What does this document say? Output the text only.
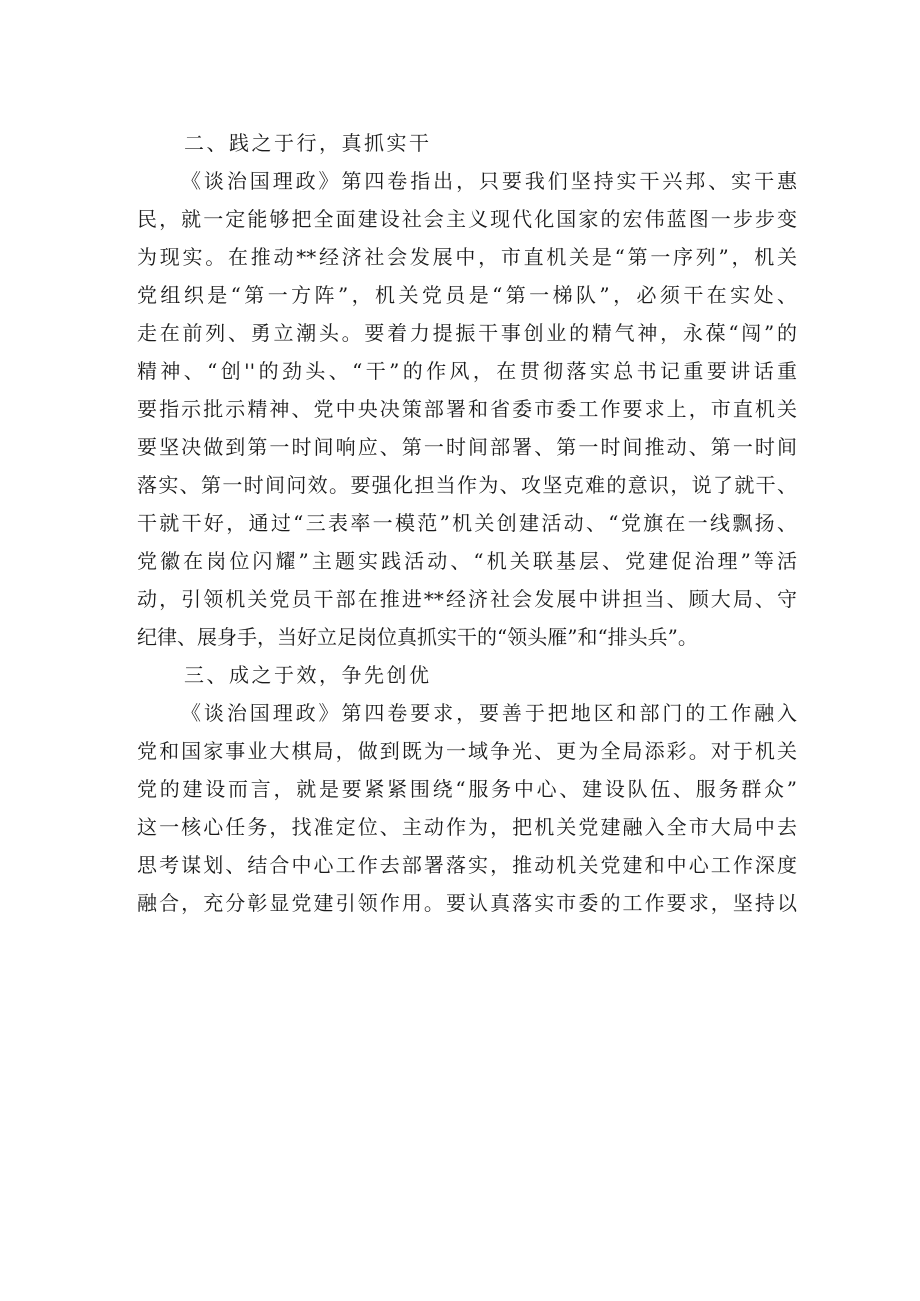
二、践之于行，真抓实干
《谈治国理政》第四卷指出，只要我们坚持实干兴邦、实干惠
民，就一定能够把全面建设社会主义现代化国家的宏伟蓝图一步步变
为现实。在推动**经济社会发展中，市直机关是“第一序列”，机关
党组织是“第一方阵”，机关党员是“第一梯队”，必须干在实处、
走在前列、勇立潮头。要着力提振干事创业的精气神，永葆“闯”的
精神、“创''的劲头、“干”的作风，在贯彻落实总书记重要讲话重
要指示批示精神、党中央决策部署和省委市委工作要求上，市直机关
要坚决做到第一时间响应、第一时间部署、第一时间推动、第一时间
落实、第一时间问效。要强化担当作为、攻坚克难的意识，说了就干、
干就干好，通过“三表率一模范”机关创建活动、“党旗在一线飘扬、
党徽在岗位闪耀”主题实践活动、“机关联基层、党建促治理”等活
动，引领机关党员干部在推进**经济社会发展中讲担当、顾大局、守
纪律、展身手，当好立足岗位真抓实干的“领头雁”和“排头兵”。
三、成之于效，争先创优
《谈治国理政》第四卷要求，要善于把地区和部门的工作融入
党和国家事业大棋局，做到既为一域争光、更为全局添彩。对于机关
党的建设而言，就是要紧紧围绕“服务中心、建设队伍、服务群众”
这一核心任务，找准定位、主动作为，把机关党建融入全市大局中去
思考谋划、结合中心工作去部署落实，推动机关党建和中心工作深度
融合，充分彰显党建引领作用。要认真落实市委的工作要求，坚持以
